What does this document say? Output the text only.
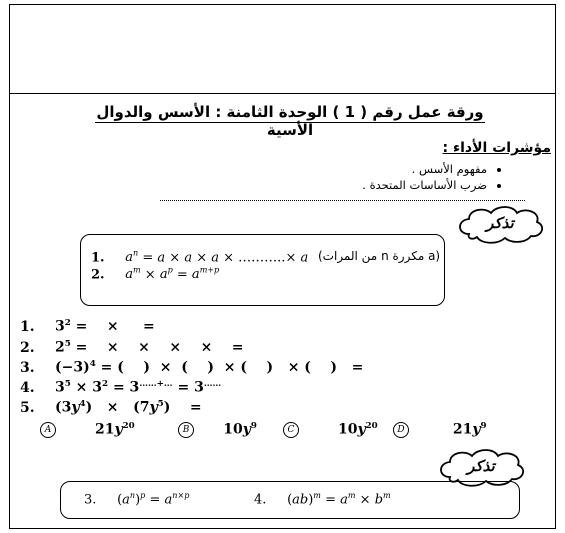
ورقة عمل رقم ( 1 ) الوحدة الثامنة : الأسس والدوال الأسية
مؤشرات الأداء :
• مفهوم الأسس .
• ضرب الأساسات المتحدة .
تذكر
1. $a^n = a \times a \times a$ × ………..× a (a مكررة n من المرات)
2. $a^m \times a^p = a^{m+p}$
1. $3^2$ =    ×     =
2. $2^5$ =    ×    ×    ×    ×    =
3. $(-3)^4$ = (    )  ×  (    )  × (    )   × (    )   =
4. $3^5 \times 3^2 = 3^{\dots\dots+\dots} = 3^{\dots\dots}$
5. $(3y^4) \times (7y^5)$    =
A        $21y^{20}$	B      $10y^9$	C        $10y^{20}$	D         $21y^9$
تذكر
3.     $(a^n)^p = a^{n\times p}$	4.     $(ab)^m = a^m \times b^m$
